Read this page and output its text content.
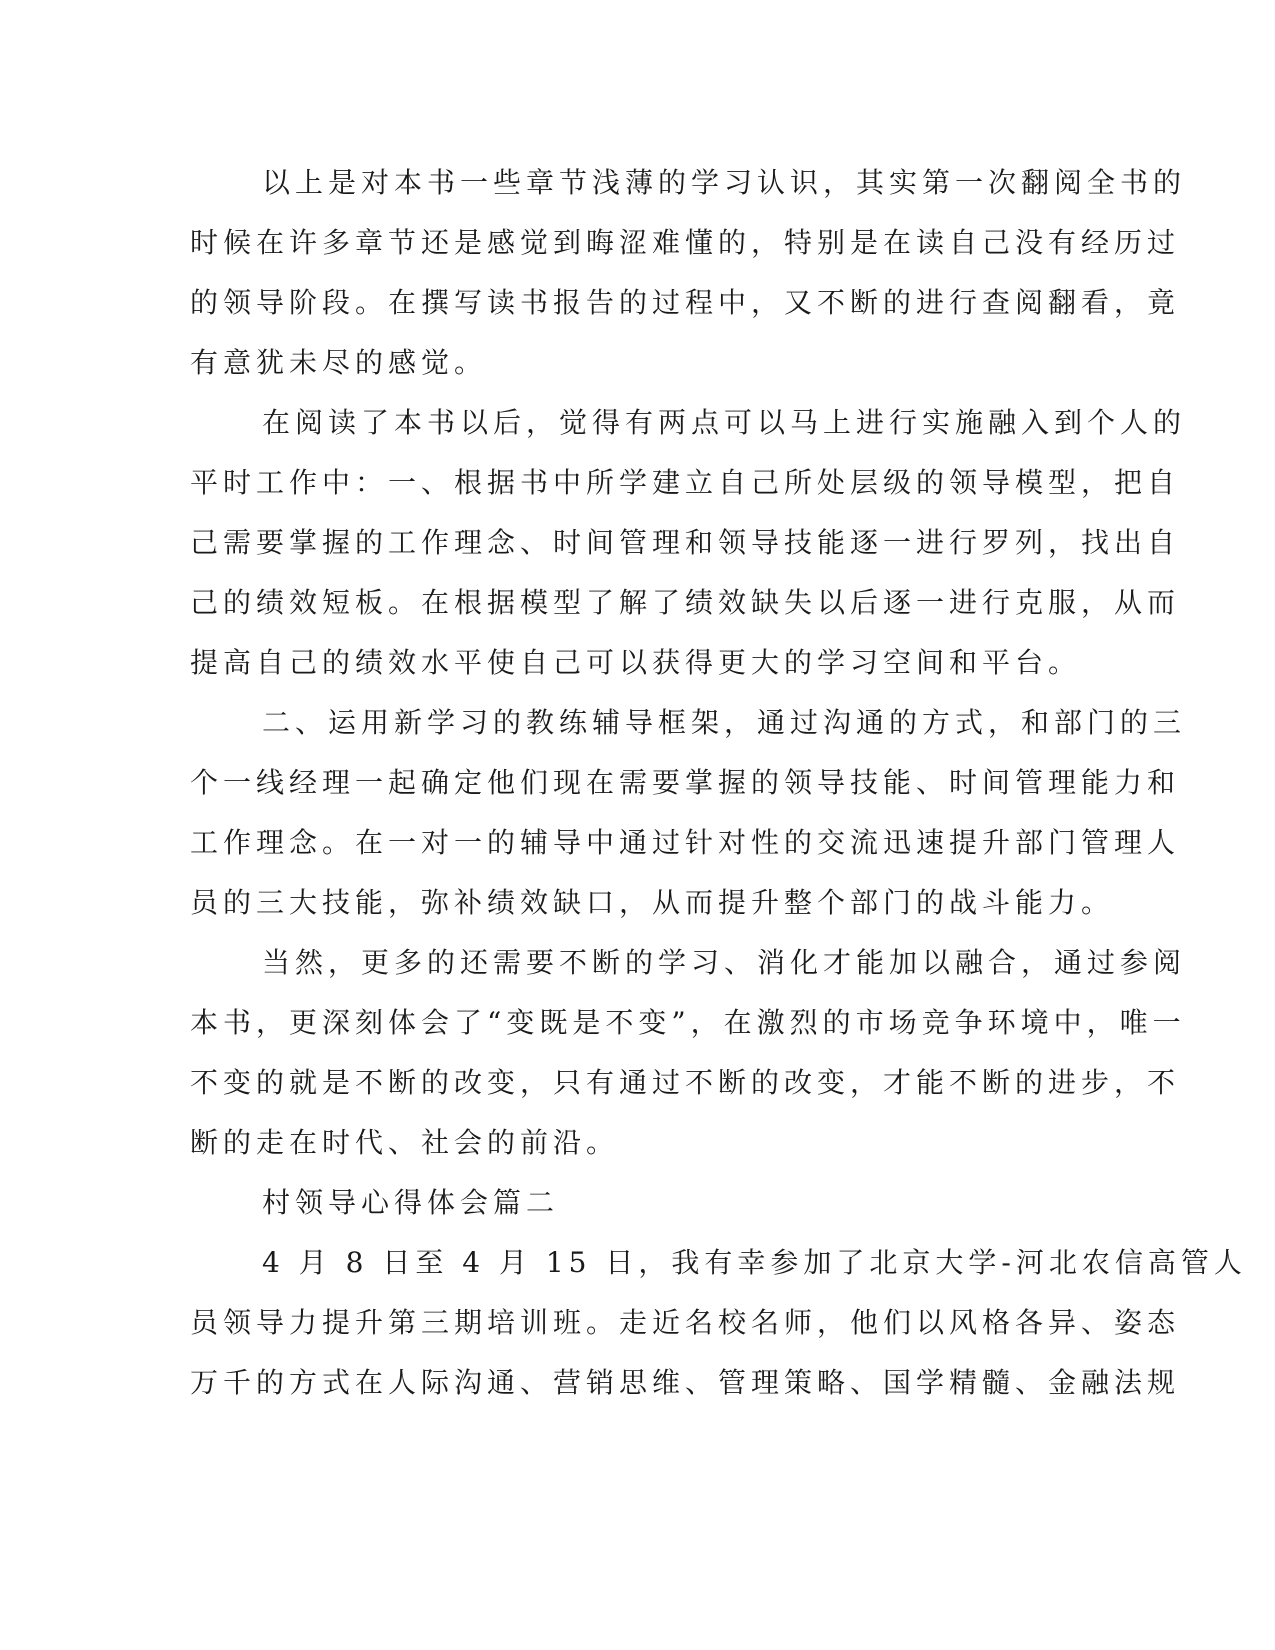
以上是对本书一些章节浅薄的学习认识，其实第一次翻阅全书的
时候在许多章节还是感觉到晦涩难懂的，特别是在读自己没有经历过
的领导阶段。在撰写读书报告的过程中，又不断的进行查阅翻看，竟
有意犹未尽的感觉。
在阅读了本书以后，觉得有两点可以马上进行实施融入到个人的
平时工作中：一、根据书中所学建立自己所处层级的领导模型，把自
己需要掌握的工作理念、时间管理和领导技能逐一进行罗列，找出自
己的绩效短板。在根据模型了解了绩效缺失以后逐一进行克服，从而
提高自己的绩效水平使自己可以获得更大的学习空间和平台。
二、运用新学习的教练辅导框架，通过沟通的方式，和部门的三
个一线经理一起确定他们现在需要掌握的领导技能、时间管理能力和
工作理念。在一对一的辅导中通过针对性的交流迅速提升部门管理人
员的三大技能，弥补绩效缺口，从而提升整个部门的战斗能力。
当然，更多的还需要不断的学习、消化才能加以融合，通过参阅
本书，更深刻体会了“变既是不变”，在激烈的市场竞争环境中，唯一
不变的就是不断的改变，只有通过不断的改变，才能不断的进步，不
断的走在时代、社会的前沿。
村领导心得体会篇二
4 月 8 日至 4 月 15 日，我有幸参加了北京大学-河北农信高管人
员领导力提升第三期培训班。走近名校名师，他们以风格各异、姿态
万千的方式在人际沟通、营销思维、管理策略、国学精髓、金融法规
